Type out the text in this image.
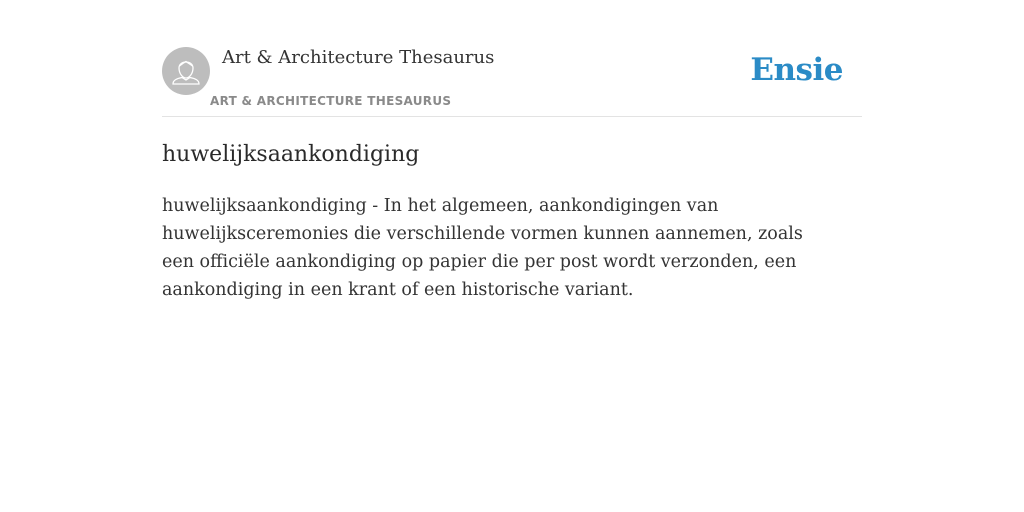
Art & Architecture Thesaurus
ART & ARCHITECTURE THESAURUS
Ensie
huwelijksaankondiging

huwelijksaankondiging - In het algemeen, aankondigingen van huwelijksceremonies die verschillende vormen kunnen aannemen, zoals een officiële aankondiging op papier die per post wordt verzonden, een aankondiging in een krant of een historische variant.
